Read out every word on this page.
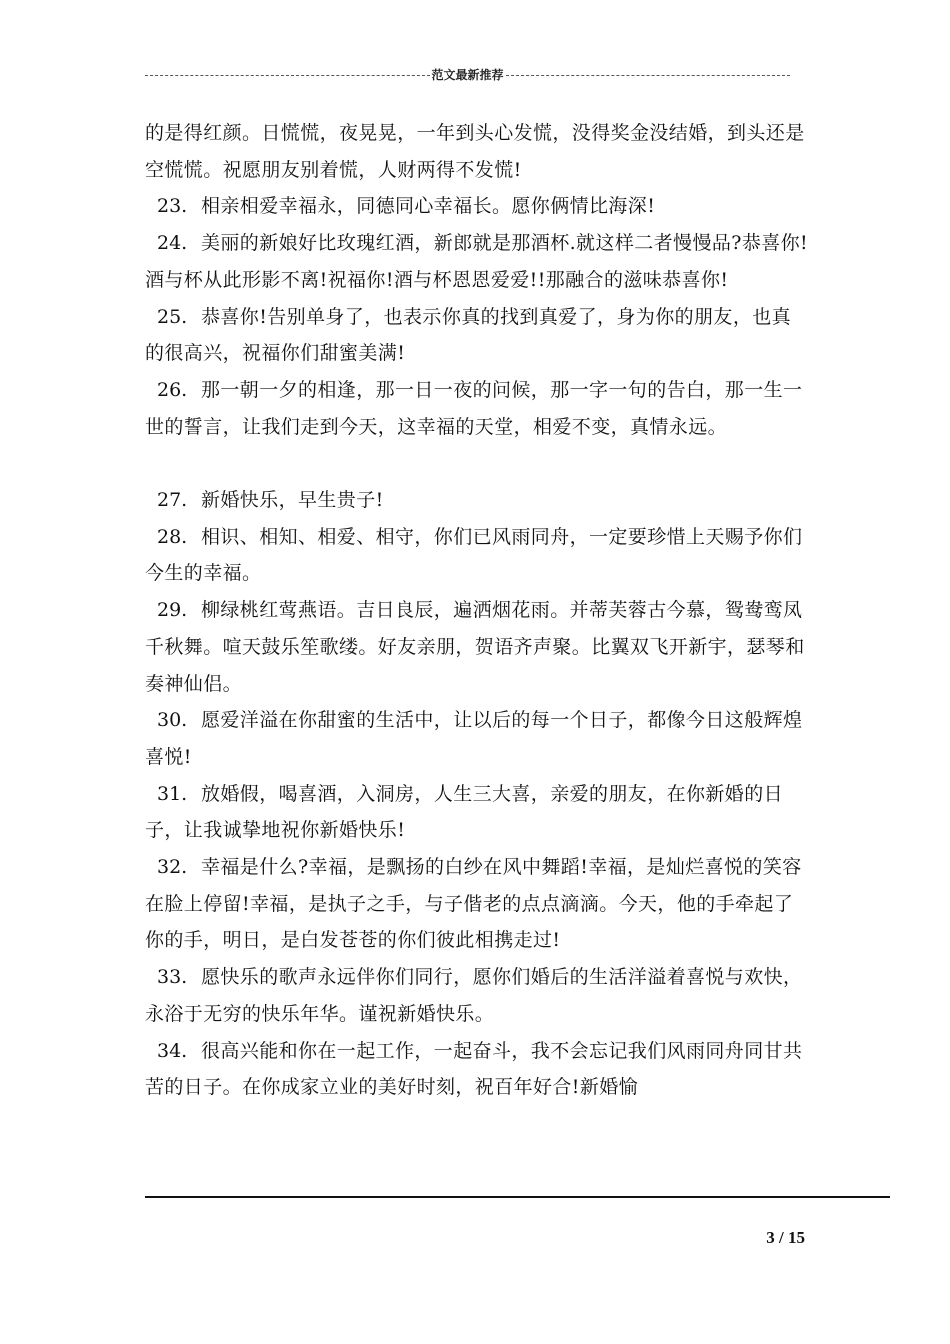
范文最新推荐

的是得红颜。日慌慌，夜晃晃，一年到头心发慌，没得奖金没结婚，到头还是空慌慌。祝愿朋友别着慌，人财两得不发慌!

23. 相亲相爱幸福永，同德同心幸福长。愿你俩情比海深!

24. 美丽的新娘好比玫瑰红酒，新郎就是那酒杯.就这样二者慢慢品?恭喜你!酒与杯从此形影不离!祝福你!酒与杯恩恩爱爱!!那融合的滋味恭喜你!

25. 恭喜你!告别单身了，也表示你真的找到真爱了，身为你的朋友，也真的很高兴，祝福你们甜蜜美满!

26. 那一朝一夕的相逢，那一日一夜的问候，那一字一句的告白，那一生一世的誓言，让我们走到今天，这幸福的天堂，相爱不变，真情永远。

27. 新婚快乐，早生贵子!

28. 相识、相知、相爱、相守，你们已风雨同舟，一定要珍惜上天赐予你们今生的幸福。

29. 柳绿桃红莺燕语。吉日良辰，遍洒烟花雨。并蒂芙蓉古今慕，鸳鸯鸾凤千秋舞。喧天鼓乐笙歌缕。好友亲朋，贺语齐声聚。比翼双飞开新宇，瑟琴和奏神仙侣。

30. 愿爱洋溢在你甜蜜的生活中，让以后的每一个日子，都像今日这般辉煌喜悦!

31. 放婚假，喝喜酒，入洞房，人生三大喜，亲爱的朋友，在你新婚的日子，让我诚挚地祝你新婚快乐!

32. 幸福是什么?幸福，是飘扬的白纱在风中舞蹈!幸福，是灿烂喜悦的笑容在脸上停留!幸福，是执子之手，与子偕老的点点滴滴。今天，他的手牵起了你的手，明日，是白发苍苍的你们彼此相携走过!

33. 愿快乐的歌声永远伴你们同行，愿你们婚后的生活洋溢着喜悦与欢快，永浴于无穷的快乐年华。谨祝新婚快乐。

34. 很高兴能和你在一起工作，一起奋斗，我不会忘记我们风雨同舟同甘共苦的日子。在你成家立业的美好时刻，祝百年好合!新婚愉

3 / 15
